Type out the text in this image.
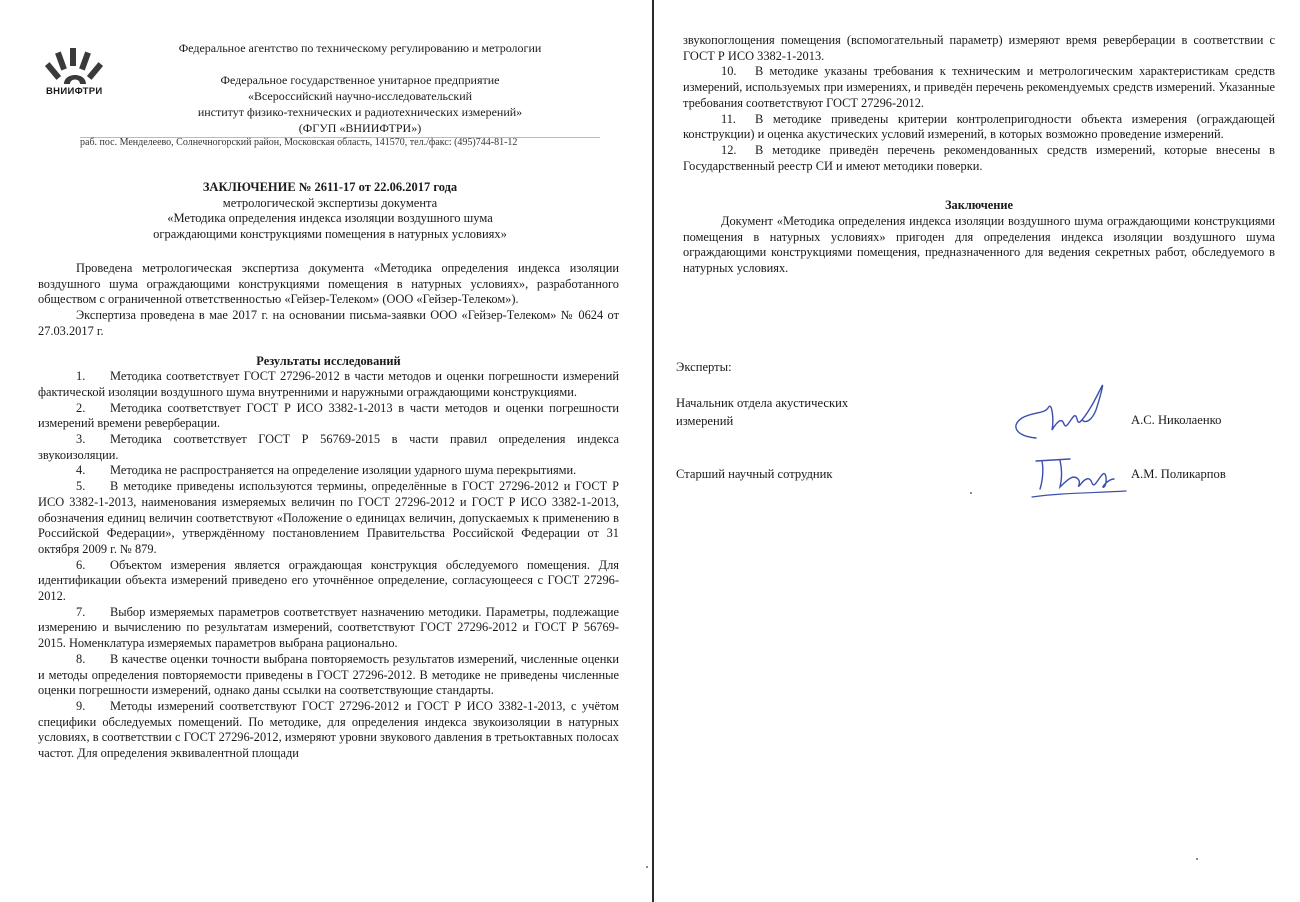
ВНИИФТРИ
Федеральное агентство по техническому регулированию и метрологии
Федеральное государственное унитарное предприятие
«Всероссийский научно-исследовательский
институт физико-технических и радиотехнических измерений»
(ФГУП «ВНИИФТРИ»)
раб. пос. Менделеево, Солнечногорский район, Московская область, 141570, тел./факс: (495)744-81-12
ЗАКЛЮЧЕНИЕ № 2611-17 от 22.06.2017 года
метрологической экспертизы документа
«Методика определения индекса изоляции воздушного шума
ограждающими конструкциями помещения в натурных условиях»

Проведена метрологическая экспертиза документа «Методика определения индекса изоляции воздушного шума ограждающими конструкциями помещения в натурных условиях», разработанного обществом с ограниченной ответственностью «Гейзер-Телеком» (ООО «Гейзер-Телеком»).

Экспертиза проведена в мае 2017 г. на основании письма-заявки ООО «Гейзер-Телеком» № 0624 от 27.03.2017 г.

Результаты исследований

1. Методика соответствует ГОСТ 27296-2012 в части методов и оценки погрешности измерений фактической изоляции воздушного шума внутренними и наружными ограждающими конструкциями.

2. Методика соответствует ГОСТ Р ИСО 3382-1-2013 в части методов и оценки погрешности измерений времени реверберации.

3. Методика соответствует ГОСТ Р 56769-2015 в части правил определения индекса звукоизоляции.

4. Методика не распространяется на определение изоляции ударного шума перекрытиями.

5. В методике приведены используются термины, определённые в ГОСТ 27296-2012 и ГОСТ Р ИСО 3382-1-2013, наименования измеряемых величин по ГОСТ 27296-2012 и ГОСТ Р ИСО 3382-1-2013, обозначения единиц величин соответствуют «Положение о единицах величин, допускаемых к применению в Российской Федерации», утверждённому постановлением Правительства Российской Федерации от 31 октября 2009 г. № 879.

6. Объектом измерения является ограждающая конструкция обследуемого помещения. Для идентификации объекта измерений приведено его уточнённое определение, согласующееся с ГОСТ 27296-2012.

7. Выбор измеряемых параметров соответствует назначению методики. Параметры, подлежащие измерению и вычислению по результатам измерений, соответствуют ГОСТ 27296-2012 и ГОСТ Р 56769-2015. Номенклатура измеряемых параметров выбрана рационально.

8. В качестве оценки точности выбрана повторяемость результатов измерений, численные оценки и методы определения повторяемости приведены в ГОСТ 27296-2012. В методике не приведены численные оценки погрешности измерений, однако даны ссылки на соответствующие стандарты.

9. Методы измерений соответствуют ГОСТ 27296-2012 и ГОСТ Р ИСО 3382-1-2013, с учётом специфики обследуемых помещений. По методике, для определения индекса звукоизоляции в натурных условиях, в соответствии с ГОСТ 27296-2012, измеряют уровни звукового давления в третьоктавных полосах частот. Для определения эквивалентной площади

звукопоглощения помещения (вспомогательный параметр) измеряют время реверберации в соответствии с ГОСТ Р ИСО 3382-1-2013.

10. В методике указаны требования к техническим и метрологическим характеристикам средств измерений, используемых при измерениях, и приведён перечень рекомендуемых средств измерений. Указанные требования соответствуют ГОСТ 27296-2012.

11. В методике приведены критерии контролепригодности объекта измерения (ограждающей конструкции) и оценка акустических условий измерений, в которых возможно проведение измерений.

12. В методике приведён перечень рекомендованных средств измерений, которые внесены в Государственный реестр СИ и имеют методики поверки.

Заключение

Документ «Методика определения индекса изоляции воздушного шума ограждающими конструкциями помещения в натурных условиях» пригоден для определения индекса изоляции воздушного шума ограждающими конструкциями помещения, предназначенного для ведения секретных работ, обследуемого в натурных условиях.

Эксперты:
Начальник отдела акустических
измерений	А.С. Николаенко
Старший научный сотрудник	А.М. Поликарпов
